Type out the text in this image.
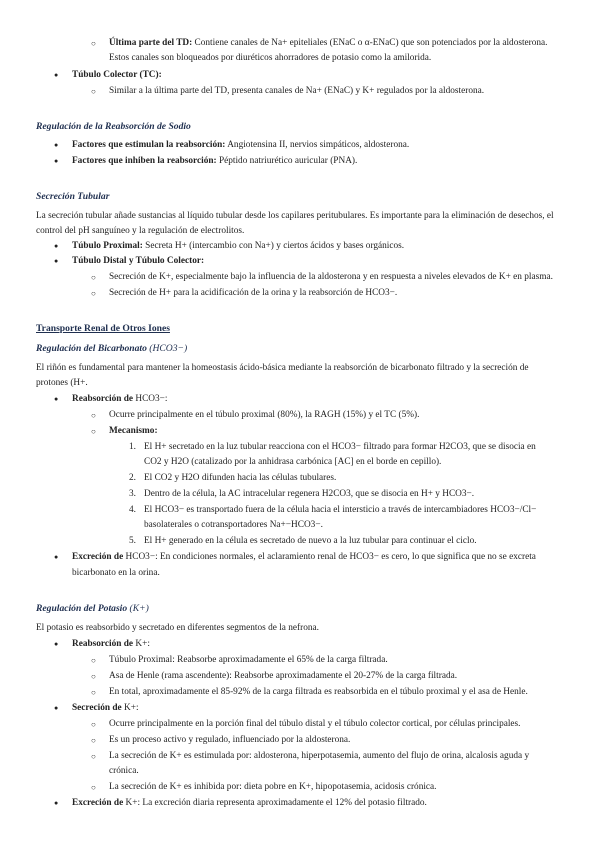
○ Última parte del TD: Contiene canales de Na+ epiteliales (ENaC o α-ENaC) que son potenciados por la aldosterona.
Estos canales son bloqueados por diuréticos ahorradores de potasio como la amilorida.
● Túbulo Colector (TC):
○ Similar a la última parte del TD, presenta canales de Na+ (ENaC) y K+ regulados por la aldosterona.
Regulación de la Reabsorción de Sodio
● Factores que estimulan la reabsorción: Angiotensina II, nervios simpáticos, aldosterona.
● Factores que inhiben la reabsorción: Péptido natriurético auricular (PNA).
Secreción Tubular
La secreción tubular añade sustancias al líquido tubular desde los capilares peritubulares. Es importante para la eliminación de desechos, el
control del pH sanguíneo y la regulación de electrolitos.
● Túbulo Proximal: Secreta H+ (intercambio con Na+) y ciertos ácidos y bases orgánicos.
● Túbulo Distal y Túbulo Colector:
○ Secreción de K+, especialmente bajo la influencia de la aldosterona y en respuesta a niveles elevados de K+ en plasma.
○ Secreción de H+ para la acidificación de la orina y la reabsorción de HCO3−.
Transporte Renal de Otros Iones
Regulación del Bicarbonato (HCO3−)
El riñón es fundamental para mantener la homeostasis ácido-básica mediante la reabsorción de bicarbonato filtrado y la secreción de
protones (H+.
● Reabsorción de HCO3−:
○ Ocurre principalmente en el túbulo proximal (80%), la RAGH (15%) y el TC (5%).
○ Mecanismo:
1. El H+ secretado en la luz tubular reacciona con el HCO3− filtrado para formar H2CO3, que se disocia en
CO2 y H2O (catalizado por la anhidrasa carbónica [AC] en el borde en cepillo).
2. El CO2 y H2O difunden hacia las células tubulares.
3. Dentro de la célula, la AC intracelular regenera H2CO3, que se disocia en H+ y HCO3−.
4. El HCO3− es transportado fuera de la célula hacia el intersticio a través de intercambiadores HCO3−/Cl−
basolaterales o cotransportadores Na+−HCO3−.
5. El H+ generado en la célula es secretado de nuevo a la luz tubular para continuar el ciclo.
● Excreción de HCO3−: En condiciones normales, el aclaramiento renal de HCO3− es cero, lo que significa que no se excreta
bicarbonato en la orina.
Regulación del Potasio (K+)
El potasio es reabsorbido y secretado en diferentes segmentos de la nefrona.
● Reabsorción de K+:
○ Túbulo Proximal: Reabsorbe aproximadamente el 65% de la carga filtrada.
○ Asa de Henle (rama ascendente): Reabsorbe aproximadamente el 20-27% de la carga filtrada.
○ En total, aproximadamente el 85-92% de la carga filtrada es reabsorbida en el túbulo proximal y el asa de Henle.
● Secreción de K+:
○ Ocurre principalmente en la porción final del túbulo distal y el túbulo colector cortical, por células principales.
○ Es un proceso activo y regulado, influenciado por la aldosterona.
○ La secreción de K+ es estimulada por: aldosterona, hiperpotasemia, aumento del flujo de orina, alcalosis aguda y
crónica.
○ La secreción de K+ es inhibida por: dieta pobre en K+, hipopotasemia, acidosis crónica.
● Excreción de K+: La excreción diaria representa aproximadamente el 12% del potasio filtrado.
